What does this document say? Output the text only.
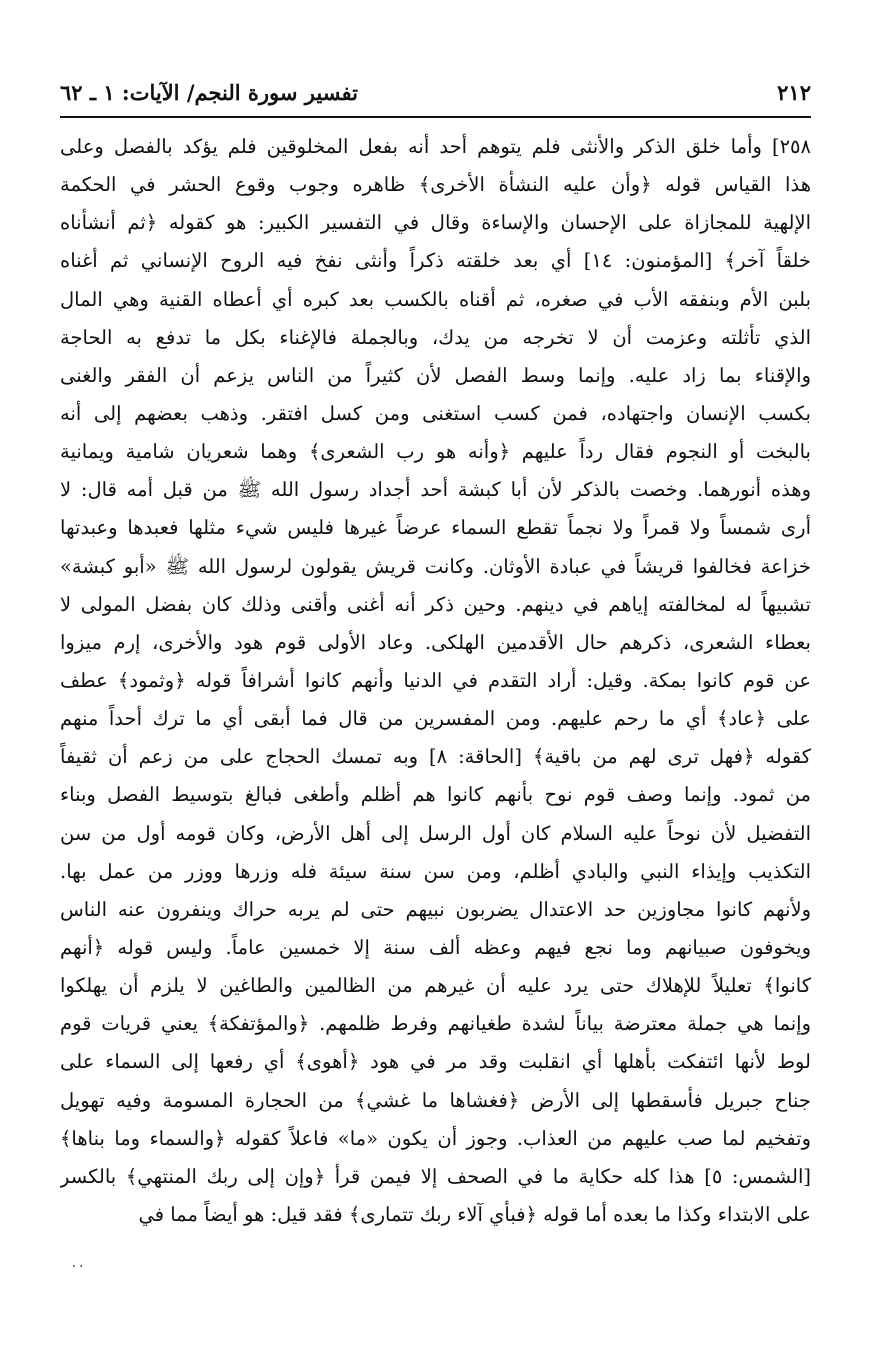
٢١٢
تفسير سورة النجم/ الآيات: ١ ـ ٦٢
٢٥٨] وأما خلق الذكر والأنثى فلم يتوهم أحد أنه بفعل المخلوقين فلم يؤكد بالفصل وعلى
هذا القياس قوله ﴿وأن عليه النشأة الأخرى﴾ ظاهره وجوب وقوع الحشر في الحكمة
الإلهية للمجازاة على الإحسان والإساءة وقال في التفسير الكبير: هو كقوله ﴿ثم أنشأناه
خلقاً آخر﴾ [المؤمنون: ١٤] أي بعد خلقته ذكراً وأنثى نفخ فيه الروح الإنساني ثم أغناه
بلبن الأم وبنفقه الأب في صغره، ثم أقناه بالكسب بعد كبره أي أعطاه القنية وهي المال
الذي تأثلته وعزمت أن لا تخرجه من يدك، وبالجملة فالإغناء بكل ما تدفع به الحاجة
والإقناء بما زاد عليه. وإنما وسط الفصل لأن كثيراً من الناس يزعم أن الفقر والغنى
بكسب الإنسان واجتهاده، فمن كسب استغنى ومن كسل افتقر. وذهب بعضهم إلى أنه
بالبخت أو النجوم فقال رداً عليهم ﴿وأنه هو رب الشعرى﴾ وهما شعريان شامية ويمانية
وهذه أنورهما. وخصت بالذكر لأن أبا كبشة أحد أجداد رسول الله ﷺ من قبل أمه قال: لا
أرى شمساً ولا قمراً ولا نجماً تقطع السماء عرضاً غيرها فليس شيء مثلها فعبدها وعبدتها
خزاعة فخالفوا قريشاً في عبادة الأوثان. وكانت قريش يقولون لرسول الله ﷺ «أبو كبشة»
تشبيهاً له لمخالفته إياهم في دينهم. وحين ذكر أنه أغنى وأقنى وذلك كان بفضل المولى لا
بعطاء الشعرى، ذكرهم حال الأقدمين الهلكى. وعاد الأولى قوم هود والأخرى، إرم ميزوا
عن قوم كانوا بمكة. وقيل: أراد التقدم في الدنيا وأنهم كانوا أشرافاً قوله ﴿وثمود﴾ عطف
على ﴿عاد﴾ أي ما رحم عليهم. ومن المفسرين من قال فما أبقى أي ما ترك أحداً منهم
كقوله ﴿فهل ترى لهم من باقية﴾ [الحاقة: ٨] وبه تمسك الحجاج على من زعم أن ثقيفاً
من ثمود. وإنما وصف قوم نوح بأنهم كانوا هم أظلم وأطغى فبالغ بتوسيط الفصل وبناء
التفضيل لأن نوحاً عليه السلام كان أول الرسل إلى أهل الأرض، وكان قومه أول من سن
التكذيب وإيذاء النبي والبادي أظلم، ومن سن سنة سيئة فله وزرها ووزر من عمل بها.
ولأنهم كانوا مجاوزين حد الاعتدال يضربون نبيهم حتى لم يربه حراك وينفرون عنه الناس
ويخوفون صبيانهم وما نجع فيهم وعظه ألف سنة إلا خمسين عاماً. وليس قوله ﴿أنهم
كانوا﴾ تعليلاً للإهلاك حتى يرد عليه أن غيرهم من الظالمين والطاغين لا يلزم أن يهلكوا
وإنما هي جملة معترضة بياناً لشدة طغيانهم وفرط ظلمهم. ﴿والمؤتفكة﴾ يعني قريات قوم
لوط لأنها ائتفكت بأهلها أي انقلبت وقد مر في هود ﴿أهوى﴾ أي رفعها إلى السماء على
جناح جبريل فأسقطها إلى الأرض ﴿فغشاها ما غشي﴾ من الحجارة المسومة وفيه تهويل
وتفخيم لما صب عليهم من العذاب. وجوز أن يكون «ما» فاعلاً كقوله ﴿والسماء وما بناها﴾
[الشمس: ٥] هذا كله حكاية ما في الصحف إلا فيمن قرأ ﴿وإن إلى ربك المنتهي﴾ بالكسر
على الابتداء وكذا ما بعده أما قوله ﴿فبأي آلاء ربك تتمارى﴾ فقد قيل: هو أيضاً مما في
٠٠
